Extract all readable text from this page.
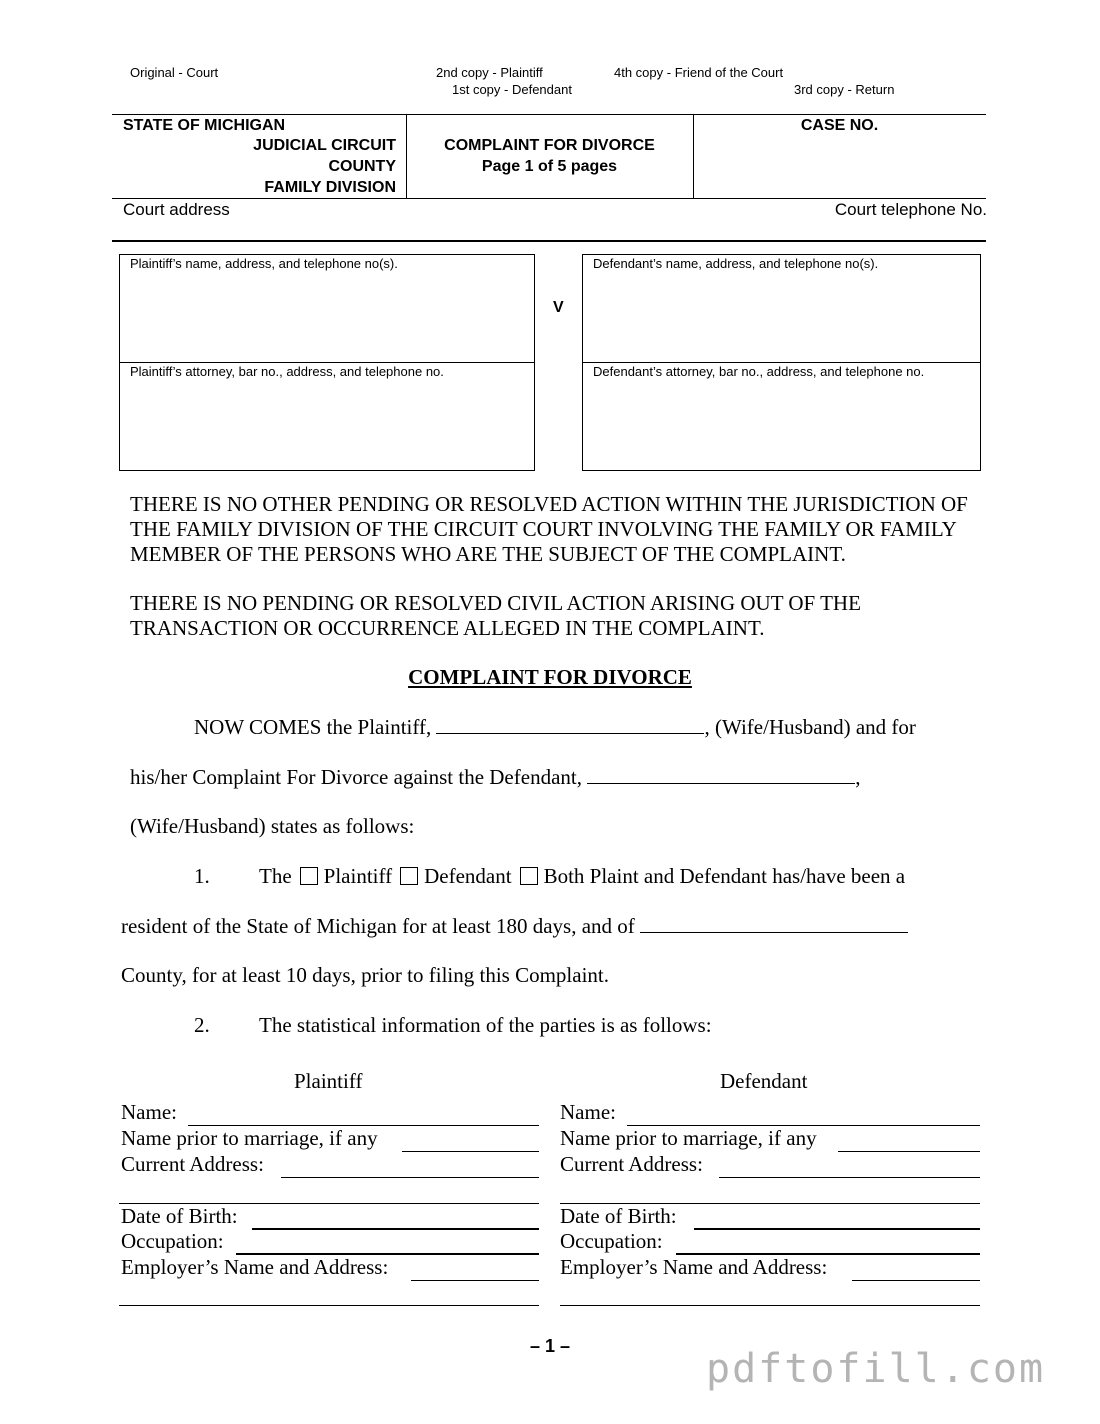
Original - Court	2nd copy - Plaintiff
1st copy - Defendant
4th copy - Friend of the Court
3rd copy - Return
STATE OF MICHIGAN
JUDICIAL CIRCUIT
COUNTY
FAMILY DIVISION
COMPLAINT FOR DIVORCE
Page 1 of 5 pages
CASE NO.
Court address	Court telephone No.
Plaintiff’s name, address, and telephone no(s).
Plaintiff’s attorney, bar no., address, and telephone no.
V
Defendant’s name, address, and telephone no(s).
Defendant’s attorney, bar no., address, and telephone no.
THERE IS NO OTHER PENDING OR RESOLVED ACTION WITHIN THE JURISDICTION OF THE FAMILY DIVISION OF THE CIRCUIT COURT INVOLVING THE FAMILY OR FAMILY MEMBER OF THE PERSONS WHO ARE THE SUBJECT OF THE COMPLAINT.
THERE IS NO PENDING OR RESOLVED CIVIL ACTION ARISING OUT OF THE TRANSACTION OR OCCURRENCE ALLEGED IN THE COMPLAINT.
COMPLAINT FOR DIVORCE
NOW COMES the Plaintiff,	, (Wife/Husband) and for
his/her Complaint For Divorce against the Defendant,	,
(Wife/Husband) states as follows:
1. The Plaintiff Defendant Both Plaint and Defendant has/have been a
resident of the State of Michigan for at least 180 days, and of
County, for at least 10 days, prior to filing this Complaint.
2. The statistical information of the parties is as follows:
Plaintiff	Defendant
Name:
Name prior to marriage, if any
Current Address:
Date of Birth:
Occupation:
Employer’s Name and Address:
Name:
Name prior to marriage, if any
Current Address:
Date of Birth:
Occupation:
Employer’s Name and Address:
– 1 –	pdftofill.com
